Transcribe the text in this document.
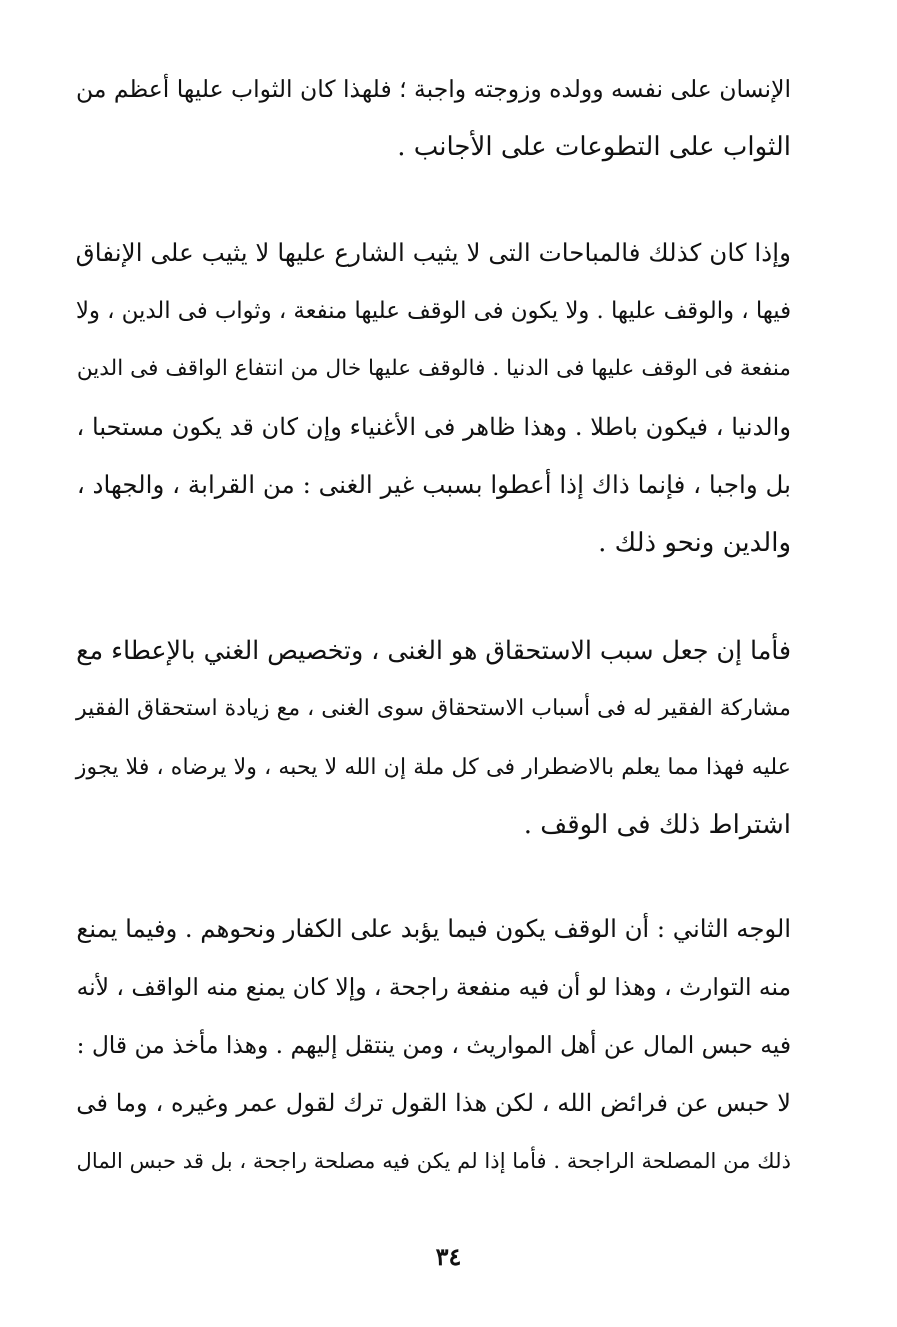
الإنسان على نفسه وولده وزوجته واجبة ؛ فلهذا كان الثواب عليها أعظم من
الثواب على التطوعات على الأجانب .

وإذا كان كذلك فالمباحات التى لا يثيب الشارع عليها لا يثيب على الإنفاق
فيها ، والوقف عليها . ولا يكون فى الوقف عليها منفعة ، وثواب فى الدين ، ولا
منفعة فى الوقف عليها فى الدنيا . فالوقف عليها خال من انتفاع الواقف فى الدين
والدنيا ، فيكون باطلا . وهذا ظاهر فى الأغنياء وإن كان قد يكون مستحبا ،
بل واجبا ، فإنما ذاك إذا أعطوا بسبب غير الغنى : من القرابة ، والجهاد ،
والدين ونحو ذلك .

فأما إن جعل سبب الاستحقاق هو الغنى ، وتخصيص الغني بالإعطاء مع
مشاركة الفقير له فى أسباب الاستحقاق سوى الغنى ، مع زيادة استحقاق الفقير
عليه فهذا مما يعلم بالاضطرار فى كل ملة إن الله لا يحبه ، ولا يرضاه ، فلا يجوز
اشتراط ذلك فى الوقف .

الوجه الثاني : أن الوقف يكون فيما يؤبد على الكفار ونحوهم . وفيما يمنع
منه التوارث ، وهذا لو أن فيه منفعة راجحة ، وإلا كان يمنع منه الواقف ، لأنه
فيه حبس المال عن أهل المواريث ، ومن ينتقل إليهم . وهذا مأخذ من قال :
لا حبس عن فرائض الله ، لكن هذا القول ترك لقول عمر وغيره ، وما فى
ذلك من المصلحة الراجحة . فأما إذا لم يكن فيه مصلحة راجحة ، بل قد حبس المال

٣٤
